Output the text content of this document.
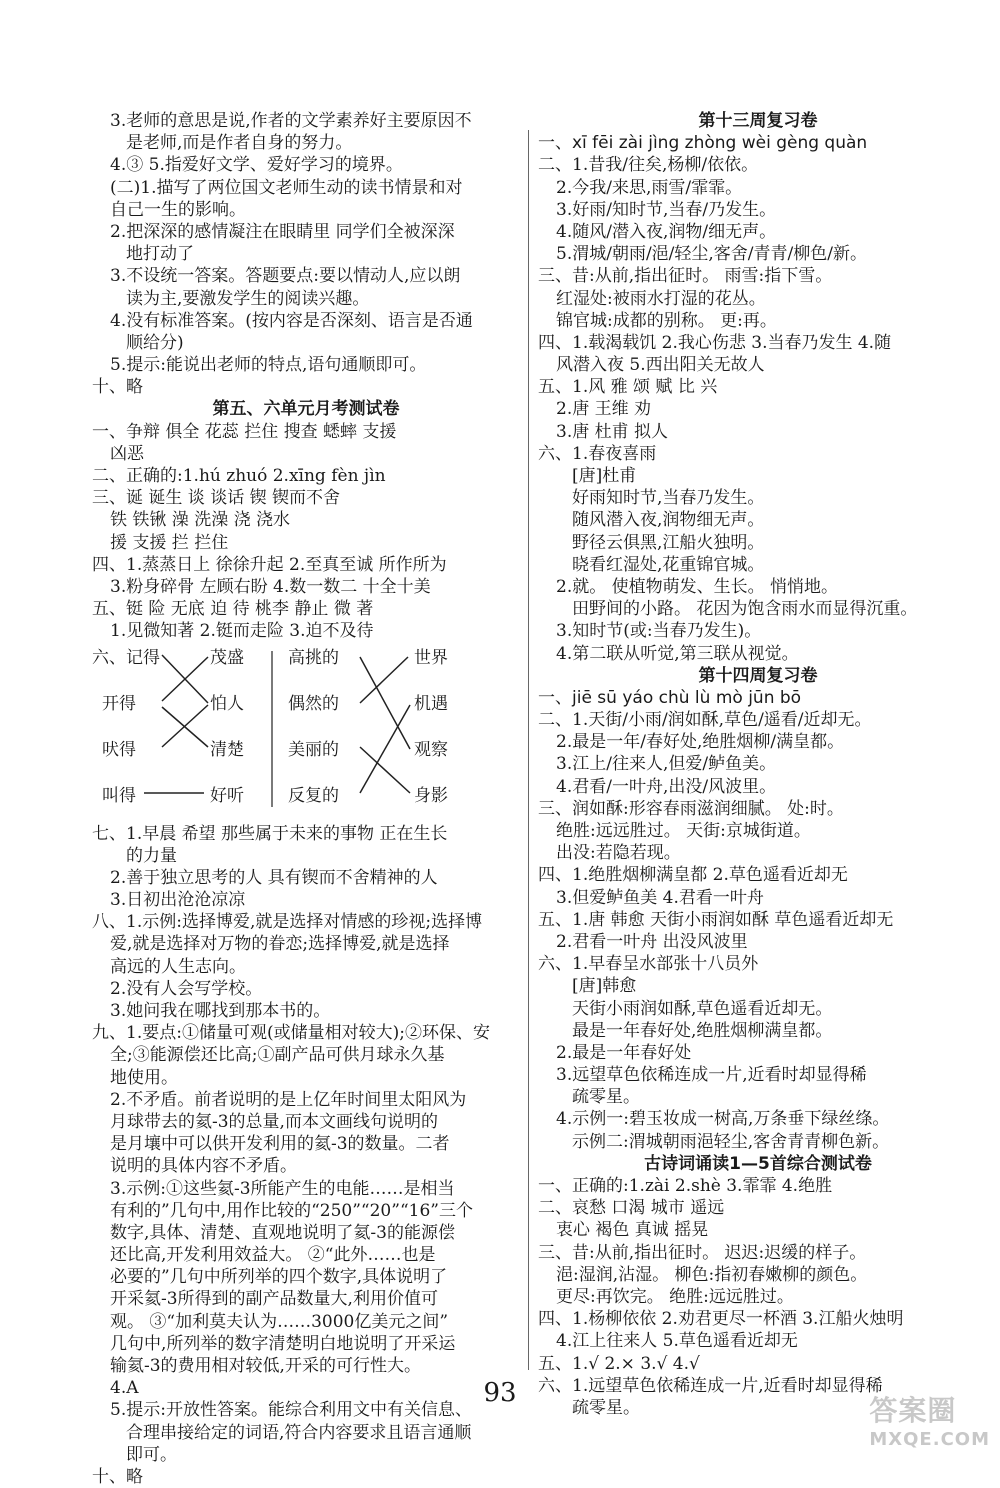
3.老师的意思是说,作者的文学素养好主要原因不
是老师,而是作者自身的努力。
4.③ 5.指爱好文学、爱好学习的境界。
(二)1.描写了两位国文老师生动的读书情景和对
自己一生的影响。
2.把深深的感情凝注在眼睛里 同学们全被深深
地打动了
3.不设统一答案。答题要点:要以情动人,应以朗
读为主,要激发学生的阅读兴趣。
4.没有标准答案。(按内容是否深刻、语言是否通
顺给分)
5.提示:能说出老师的特点,语句通顺即可。
十、略
第五、六单元月考测试卷
一、争辩 俱全 花蕊 拦住 搜查 蟋蟀 支援
凶恶
二、正确的:1.hú zhuó 2.xīng fèn jìn
三、诞 诞生 谈 谈话 锲 锲而不舍
铁 铁锹 澡 洗澡 浇 浇水
援 支援 拦 拦住
四、1.蒸蒸日上 徐徐升起 2.至真至诚 所作所为
3.粉身碎骨 左顾右盼 4.数一数二 十全十美
五、铤 险 无底 迫 待 桃李 静止 微 著
1.见微知著 2.铤而走险 3.迫不及待
六、 记得
开得
吠得
叫得
茂盛
怕人
清楚
好听
高挑的
偶然的
美丽的
反复的
世界
机遇
观察
身影
七、1.早晨 希望 那些属于未来的事物 正在生长
的力量
2.善于独立思考的人 具有锲而不舍精神的人
3.日初出沧沧凉凉
八、1.示例:选择博爱,就是选择对情感的珍视;选择博
爱,就是选择对万物的眷恋;选择博爱,就是选择
高远的人生志向。
2.没有人会写学校。
3.她问我在哪找到那本书的。
九、1.要点:①储量可观(或储量相对较大);②环保、安
全;③能源偿还比高;①副产品可供月球永久基
地使用。
2.不矛盾。前者说明的是上亿年时间里太阳风为
月球带去的氦-3的总量,而本文画线句说明的
是月壤中可以供开发利用的氦-3的数量。二者
说明的具体内容不矛盾。
3.示例:①这些氦-3所能产生的电能……是相当
有利的”几句中,用作比较的“250”“20”“16”三个
数字,具体、清楚、直观地说明了氦-3的能源偿
还比高,开发利用效益大。 ②“此外……也是
必要的”几句中所列举的四个数字,具体说明了
开采氦-3所得到的副产品数量大,利用价值可
观。 ③“加利莫夫认为……3000亿美元之间”
几句中,所列举的数字清楚明白地说明了开采运
输氦-3的费用相对较低,开采的可行性大。
4.A
5.提示:开放性答案。能综合利用文中有关信息、
合理串接给定的词语,符合内容要求且语言通顺
即可。
十、略
第十三周复习卷
一、xī fēi zài jìng zhòng wèi gèng quàn
二、1.昔我/往矣,杨柳/依依。
2.今我/来思,雨雪/霏霏。
3.好雨/知时节,当春/乃发生。
4.随风/潜入夜,润物/细无声。
5.渭城/朝雨/浥/轻尘,客舍/青青/柳色/新。
三、昔:从前,指出征时。 雨雪:指下雪。
红湿处:被雨水打湿的花丛。
锦官城:成都的别称。 更:再。
四、1.载渴载饥 2.我心伤悲 3.当春乃发生 4.随
风潜入夜 5.西出阳关无故人
五、1.风 雅 颂 赋 比 兴
2.唐 王维 劝
3.唐 杜甫 拟人
六、1.春夜喜雨
[唐]杜甫
好雨知时节,当春乃发生。
随风潜入夜,润物细无声。
野径云俱黑,江船火独明。
晓看红湿处,花重锦官城。
2.就。 使植物萌发、生长。 悄悄地。
田野间的小路。 花因为饱含雨水而显得沉重。
3.知时节(或:当春乃发生)。
4.第二联从听觉,第三联从视觉。
第十四周复习卷
一、jiē sū yáo chù lù mò jūn bō
二、1.天街/小雨/润如酥,草色/遥看/近却无。
2.最是一年/春好处,绝胜烟柳/满皇都。
3.江上/往来人,但爱/鲈鱼美。
4.君看/一叶舟,出没/风波里。
三、润如酥:形容春雨滋润细腻。 处:时。
绝胜:远远胜过。 天街:京城街道。
出没:若隐若现。
四、1.绝胜烟柳满皇都 2.草色遥看近却无
3.但爱鲈鱼美 4.君看一叶舟
五、1.唐 韩愈 天街小雨润如酥 草色遥看近却无
2.君看一叶舟 出没风波里
六、1.早春呈水部张十八员外
[唐]韩愈
天街小雨润如酥,草色遥看近却无。
最是一年春好处,绝胜烟柳满皇都。
2.最是一年春好处
3.远望草色依稀连成一片,近看时却显得稀
疏零星。
4.示例一:碧玉妆成一树高,万条垂下绿丝绦。
示例二:渭城朝雨浥轻尘,客舍青青柳色新。
古诗词诵读1—5首综合测试卷
一、正确的:1.zài 2.shè 3.霏霏 4.绝胜
二、哀愁 口渴 城市 遥远
衷心 褐色 真诚 摇晃
三、昔:从前,指出征时。 迟迟:迟缓的样子。
浥:湿润,沾湿。 柳色:指初春嫩柳的颜色。
更尽:再饮完。 绝胜:远远胜过。
四、1.杨柳依依 2.劝君更尽一杯酒 3.江船火烛明
4.江上往来人 5.草色遥看近却无
五、1.√ 2.× 3.√ 4.√
六、1.远望草色依稀连成一片,近看时却显得稀
疏零星。
93
答案圈
MXQE.COM
